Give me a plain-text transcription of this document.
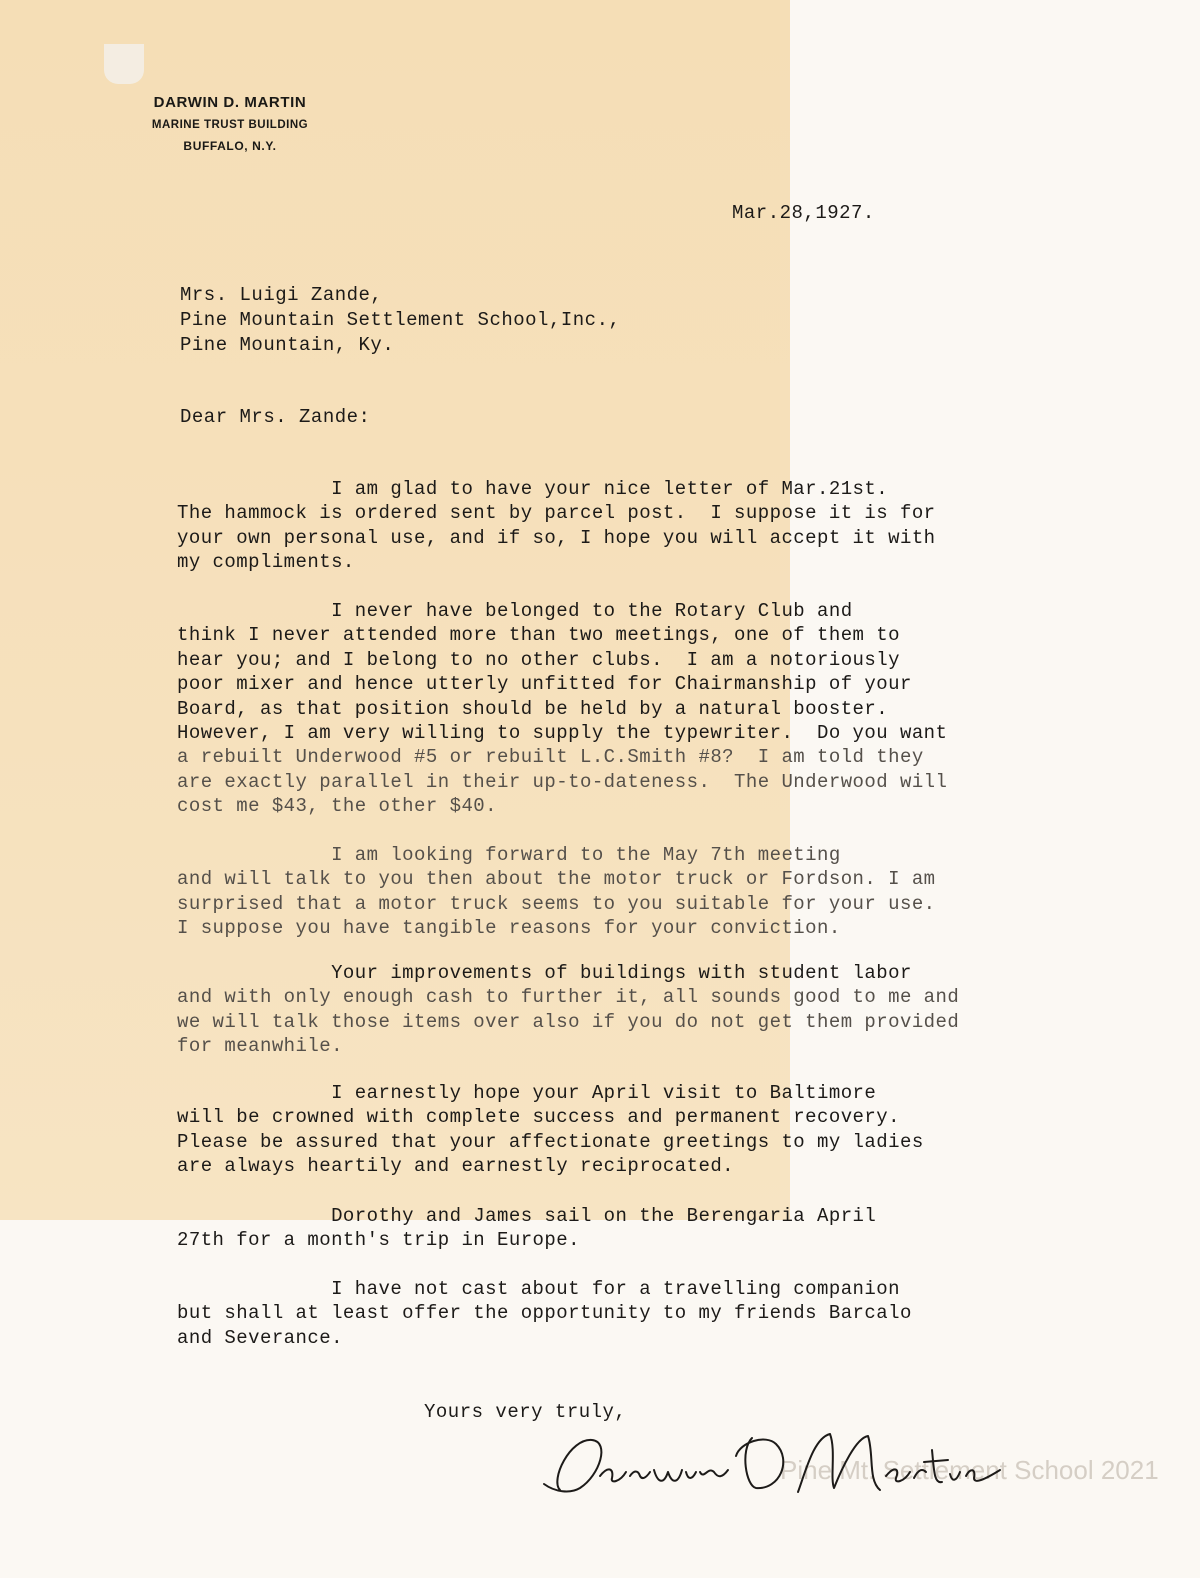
DARWIN D. MARTIN
MARINE TRUST BUILDING
BUFFALO, N.Y.
Mar.28,1927.
Mrs. Luigi Zande,
Pine Mountain Settlement School,Inc.,
Pine Mountain, Ky.
Dear Mrs. Zande:
I am glad to have your nice letter of Mar.21st.
The hammock is ordered sent by parcel post.  I suppose it is for
your own personal use, and if so, I hope you will accept it with
my compliments.
I never have belonged to the Rotary Club and
think I never attended more than two meetings, one of them to
hear you; and I belong to no other clubs.  I am a notoriously
poor mixer and hence utterly unfitted for Chairmanship of your
Board, as that position should be held by a natural booster.
However, I am very willing to supply the typewriter.  Do you want
a rebuilt Underwood #5 or rebuilt L.C.Smith #8?  I am told they
are exactly parallel in their up-to-dateness.  The Underwood will
cost me $43, the other $40.
I am looking forward to the May 7th meeting
and will talk to you then about the motor truck or Fordson. I am
surprised that a motor truck seems to you suitable for your use.
I suppose you have tangible reasons for your conviction.
Your improvements of buildings with student labor
and with only enough cash to further it, all sounds good to me and
we will talk those items over also if you do not get them provided
for meanwhile.
I earnestly hope your April visit to Baltimore
will be crowned with complete success and permanent recovery.
Please be assured that your affectionate greetings to my ladies
are always heartily and earnestly reciprocated.
Dorothy and James sail on the Berengaria April
27th for a month's trip in Europe.
I have not cast about for a travelling companion
but shall at least offer the opportunity to my friends Barcalo
and Severance.
Yours very truly,
Pine Mt. Settlement School 2021
